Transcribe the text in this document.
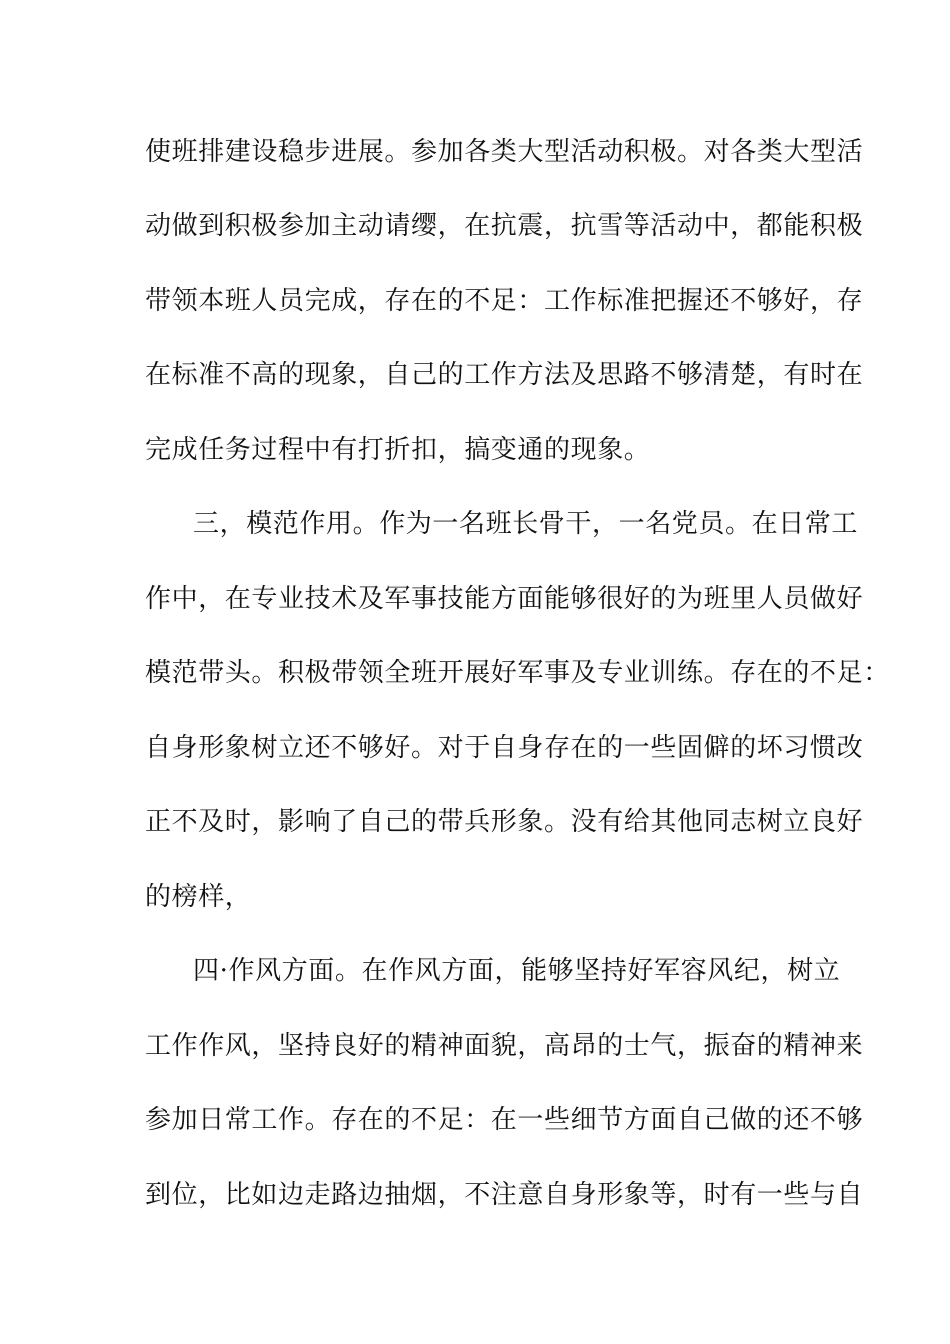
使班排建设稳步进展。参加各类大型活动积极。对各类大型活
动做到积极参加主动请缨，在抗震，抗雪等活动中，都能积极
带领本班人员完成，存在的不足：工作标准把握还不够好，存
在标准不高的现象，自己的工作方法及思路不够清楚，有时在
完成任务过程中有打折扣，搞变通的现象。
三，模范作用。作为一名班长骨干，一名党员。在日常工
作中，在专业技术及军事技能方面能够很好的为班里人员做好
模范带头。积极带领全班开展好军事及专业训练。存在的不足：
自身形象树立还不够好。对于自身存在的一些固僻的坏习惯改
正不及时，影响了自己的带兵形象。没有给其他同志树立良好
的榜样，
四·作风方面。在作风方面，能够坚持好军容风纪，树立
工作作风，坚持良好的精神面貌，高昂的士气，振奋的精神来
参加日常工作。存在的不足：在一些细节方面自己做的还不够
到位，比如边走路边抽烟，不注意自身形象等，时有一些与自
